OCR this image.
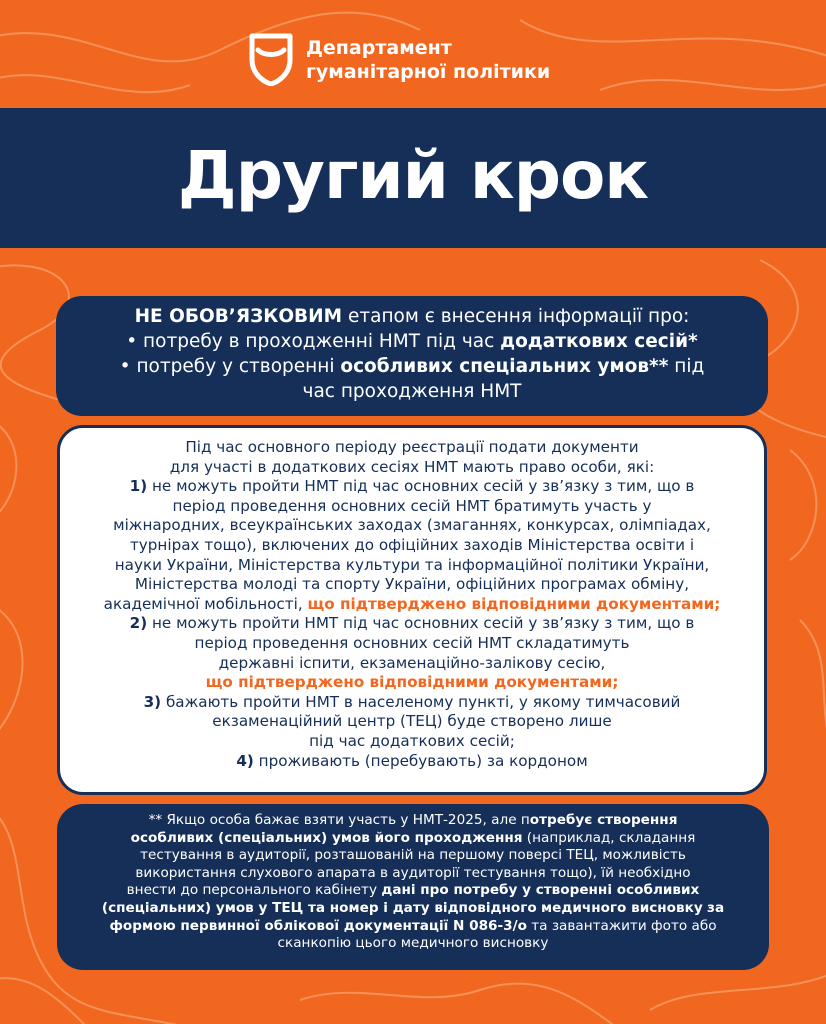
Департамент
гуманітарної політики
Другий крок
НЕ ОБОВ’ЯЗКОВИМ етапом є внесення інформації про:
• потребу в проходженні НМТ під час додаткових сесій*
• потребу у створенні особливих спеціальних умов** під
час проходження НМТ
Під час основного періоду реєстрації подати документи
для участі в додаткових сесіях НМТ мають право особи, які:
1) не можуть пройти НМТ під час основних сесій у зв’язку з тим, що в
період проведення основних сесій НМТ братимуть участь у
міжнародних, всеукраїнських заходах (змаганнях, конкурсах, олімпіадах,
турнірах тощо), включених до офіційних заходів Міністерства освіти і
науки України, Міністерства культури та інформаційної політики України,
Міністерства молоді та спорту України, офіційних програмах обміну,
академічної мобільності, що підтверджено відповідними документами;
2) не можуть пройти НМТ під час основних сесій у зв’язку з тим, що в
період проведення основних сесій НМТ складатимуть
державні іспити, екзаменаційно-залікову сесію,
що підтверджено відповідними документами;
3) бажають пройти НМТ в населеному пункті, у якому тимчасовий
екзаменаційний центр (ТЕЦ) буде створено лише
під час додаткових сесій;
4) проживають (перебувають) за кордоном
** Якщо особа бажає взяти участь у НМТ-2025, але потребує створення
особливих (спеціальних) умов його проходження (наприклад, складання
тестування в аудиторії, розташованій на першому поверсі ТЕЦ, можливість
використання слухового апарата в аудиторії тестування тощо), їй необхідно
внести до персонального кабінету дані про потребу у створенні особливих
(спеціальних) умов у ТЕЦ та номер і дату відповідного медичного висновку за
формою первинної облікової документації N 086-3/о та завантажити фото або
сканкопію цього медичного висновку
